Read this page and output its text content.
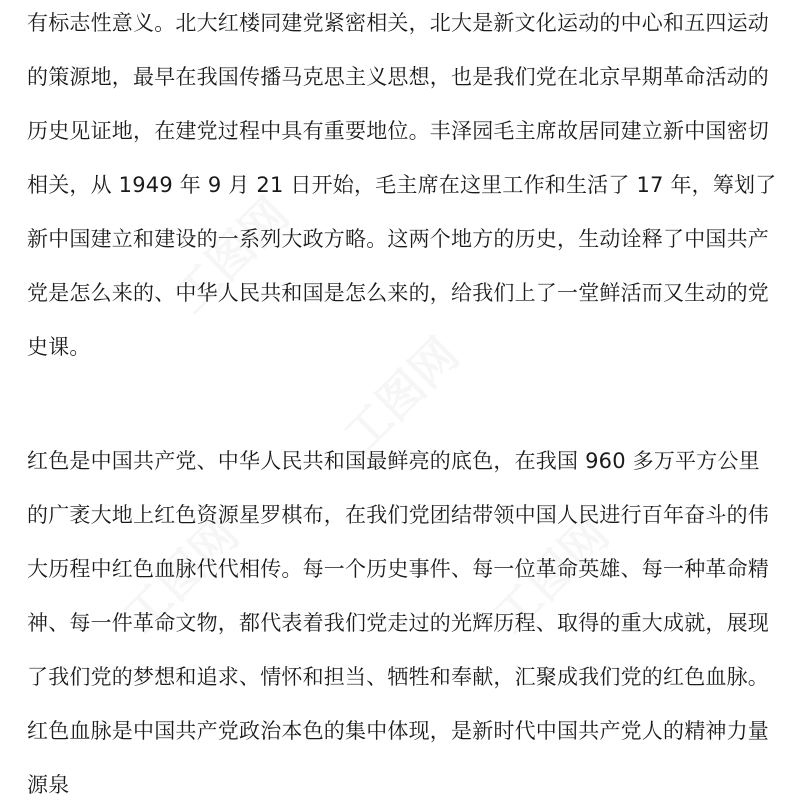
有标志性意义。北大红楼同建党紧密相关，北大是新文化运动的中心和五四运动
的策源地，最早在我国传播马克思主义思想，也是我们党在北京早期革命活动的
历史见证地，在建党过程中具有重要地位。丰泽园毛主席故居同建立新中国密切
相关，从 1949 年 9 月 21 日开始，毛主席在这里工作和生活了 17 年，筹划了
新中国建立和建设的一系列大政方略。这两个地方的历史，生动诠释了中国共产
党是怎么来的、中华人民共和国是怎么来的，给我们上了一堂鲜活而又生动的党
史课。
红色是中国共产党、中华人民共和国最鲜亮的底色，在我国 960 多万平方公里
的广袤大地上红色资源星罗棋布，在我们党团结带领中国人民进行百年奋斗的伟
大历程中红色血脉代代相传。每一个历史事件、每一位革命英雄、每一种革命精
神、每一件革命文物，都代表着我们党走过的光辉历程、取得的重大成就，展现
了我们党的梦想和追求、情怀和担当、牺牲和奉献，汇聚成我们党的红色血脉。
红色血脉是中国共产党政治本色的集中体现，是新时代中国共产党人的精神力量
源泉
